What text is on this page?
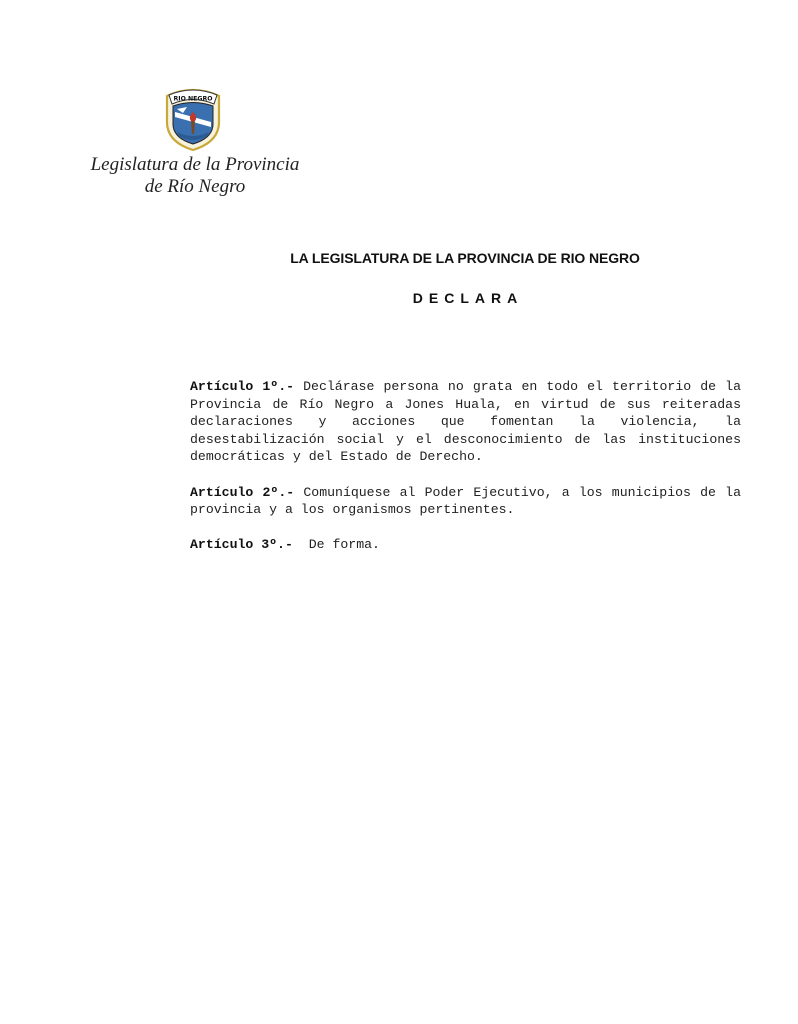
RIO NEGRO
Legislatura de la Provincia
de Río Negro
LA LEGISLATURA DE LA PROVINCIA DE RIO NEGRO
DECLARA

Artículo 1º.- Declárase persona no grata en todo el territorio de la Provincia de Río Negro a Jones Huala, en virtud de sus reiteradas declaraciones y acciones que fomentan la violencia, la desestabilización social y el desconocimiento de las instituciones democráticas y del Estado de Derecho.

Artículo 2º.- Comuníquese al Poder Ejecutivo, a los municipios de la provincia y a los organismos pertinentes.

Artículo 3º.- De forma.
